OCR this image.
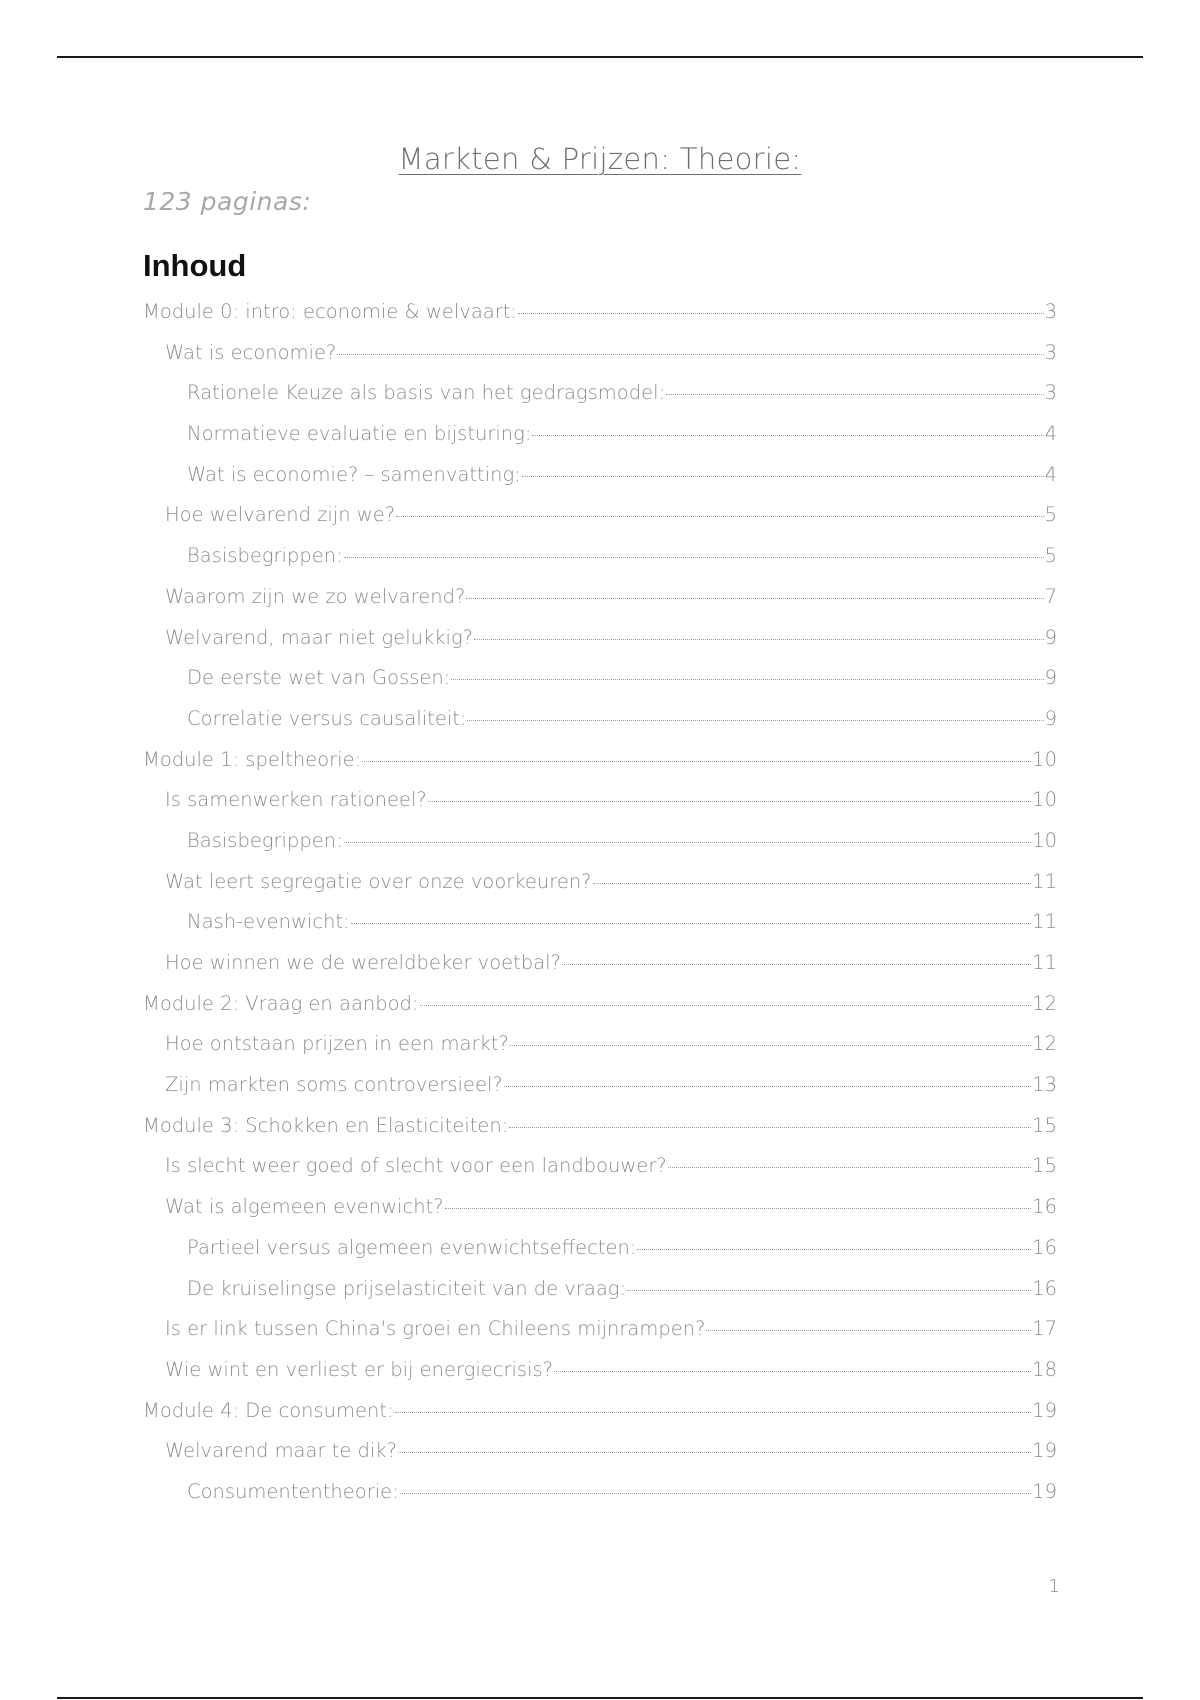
Markten & Prijzen: Theorie:
123 paginas:
Inhoud
Module 0: intro: economie & welvaart:	3
Wat is economie?	3
Rationele Keuze als basis van het gedragsmodel:	3
Normatieve evaluatie en bijsturing:	4
Wat is economie? – samenvatting:	4
Hoe welvarend zijn we?	5
Basisbegrippen:	5
Waarom zijn we zo welvarend?	7
Welvarend, maar niet gelukkig?	9
De eerste wet van Gossen:	9
Correlatie versus causaliteit:	9
Module 1: speltheorie:	10
Is samenwerken rationeel?	10
Basisbegrippen:	10
Wat leert segregatie over onze voorkeuren?	11
Nash-evenwicht:	11
Hoe winnen we de wereldbeker voetbal?	11
Module 2: Vraag en aanbod:	12
Hoe ontstaan prijzen in een markt?	12
Zijn markten soms controversieel?	13
Module 3: Schokken en Elasticiteiten:	15
Is slecht weer goed of slecht voor een landbouwer?	15
Wat is algemeen evenwicht?	16
Partieel versus algemeen evenwichtseffecten:	16
De kruiselingse prijselasticiteit van de vraag:	16
Is er link tussen China's groei en Chileens mijnrampen?	17
Wie wint en verliest er bij energiecrisis?	18
Module 4: De consument:	19
Welvarend maar te dik?	19
Consumententheorie:	19
1
